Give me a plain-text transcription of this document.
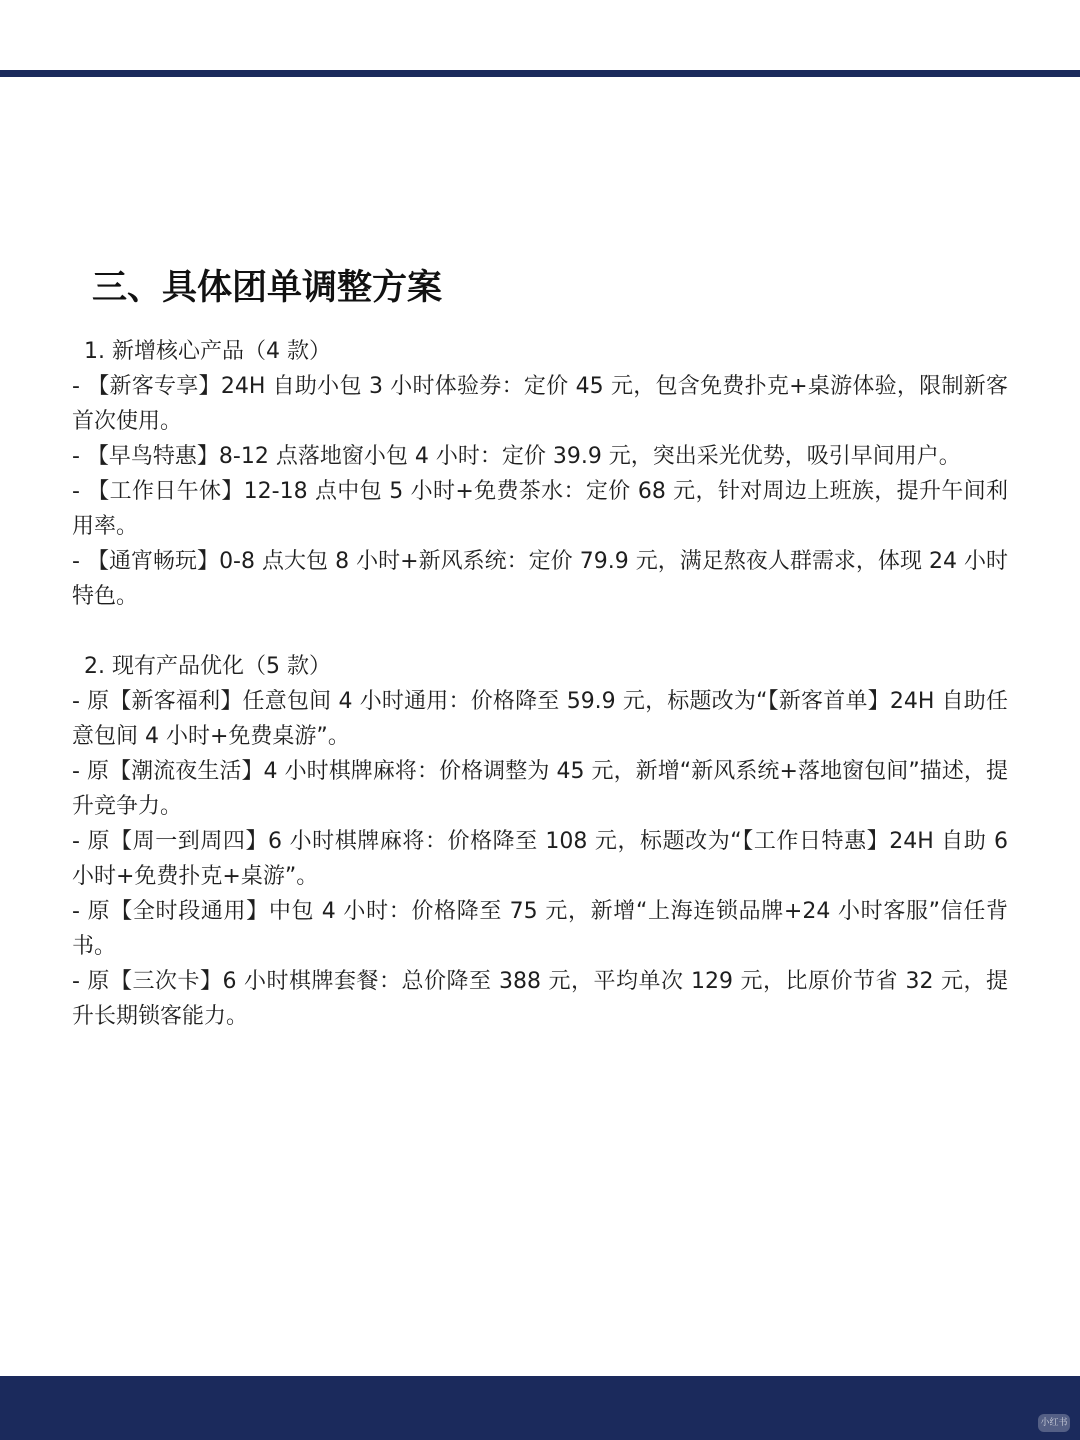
三、具体团单调整方案

1. 新增核心产品（4 款）

- 【新客专享】24H 自助小包 3 小时体验券：定价 45 元，包含免费扑克+桌游体验，限制新客首次使用。

- 【早鸟特惠】8-12 点落地窗小包 4 小时：定价 39.9 元，突出采光优势，吸引早间用户。

- 【工作日午休】12-18 点中包 5 小时+免费茶水：定价 68 元，针对周边上班族，提升午间利用率。

- 【通宵畅玩】0-8 点大包 8 小时+新风系统：定价 79.9 元，满足熬夜人群需求，体现 24 小时特色。

2. 现有产品优化（5 款）

- 原【新客福利】任意包间 4 小时通用：价格降至 59.9 元，标题改为“【新客首单】24H 自助任意包间 4 小时+免费桌游”。

- 原【潮流夜生活】4 小时棋牌麻将：价格调整为 45 元，新增“新风系统+落地窗包间”描述，提升竞争力。

- 原【周一到周四】6 小时棋牌麻将：价格降至 108 元，标题改为“【工作日特惠】24H 自助 6 小时+免费扑克+桌游”。

- 原【全时段通用】中包 4 小时：价格降至 75 元，新增“上海连锁品牌+24 小时客服”信任背书。

- 原【三次卡】6 小时棋牌套餐：总价降至 388 元，平均单次 129 元，比原价节省 32 元，提升长期锁客能力。

小红书
